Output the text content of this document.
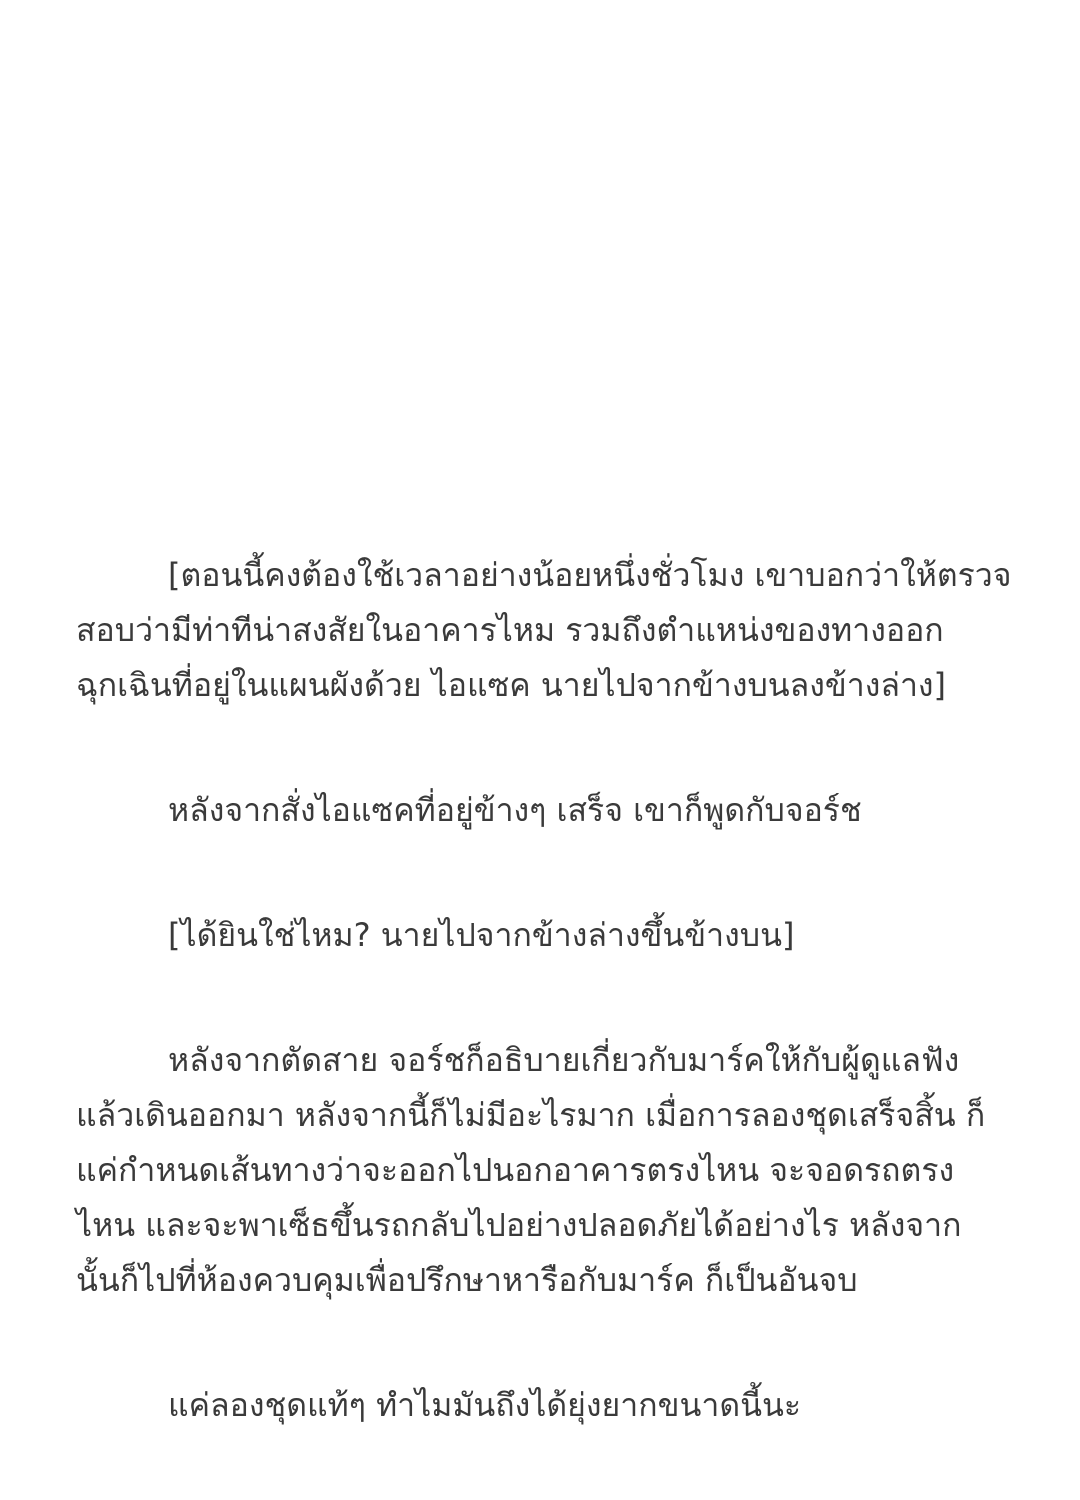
[ตอนนี้คงต้องใช้เวลาอย่างน้อยหนึ่งชั่วโมง เขาบอกว่าให้ตรวจ
สอบว่ามีท่าทีน่าสงสัยในอาคารไหม รวมถึงตำแหน่งของทางออก
ฉุกเฉินที่อยู่ในแผนผังด้วย ไอแซค นายไปจากข้างบนลงข้างล่าง]

หลังจากสั่งไอแซคที่อยู่ข้างๆ เสร็จ เขาก็พูดกับจอร์ช

[ได้ยินใช่ไหม? นายไปจากข้างล่างขึ้นข้างบน]

หลังจากตัดสาย จอร์ชก็อธิบายเกี่ยวกับมาร์คให้กับผู้ดูแลฟัง
แล้วเดินออกมา หลังจากนี้ก็ไม่มีอะไรมาก เมื่อการลองชุดเสร็จสิ้น ก็
แค่กำหนดเส้นทางว่าจะออกไปนอกอาคารตรงไหน จะจอดรถตรง
ไหน และจะพาเซ็ธขึ้นรถกลับไปอย่างปลอดภัยได้อย่างไร หลังจาก
นั้นก็ไปที่ห้องควบคุมเพื่อปรึกษาหารือกับมาร์ค ก็เป็นอันจบ

แค่ลองชุดแท้ๆ ทำไมมันถึงได้ยุ่งยากขนาดนี้นะ
